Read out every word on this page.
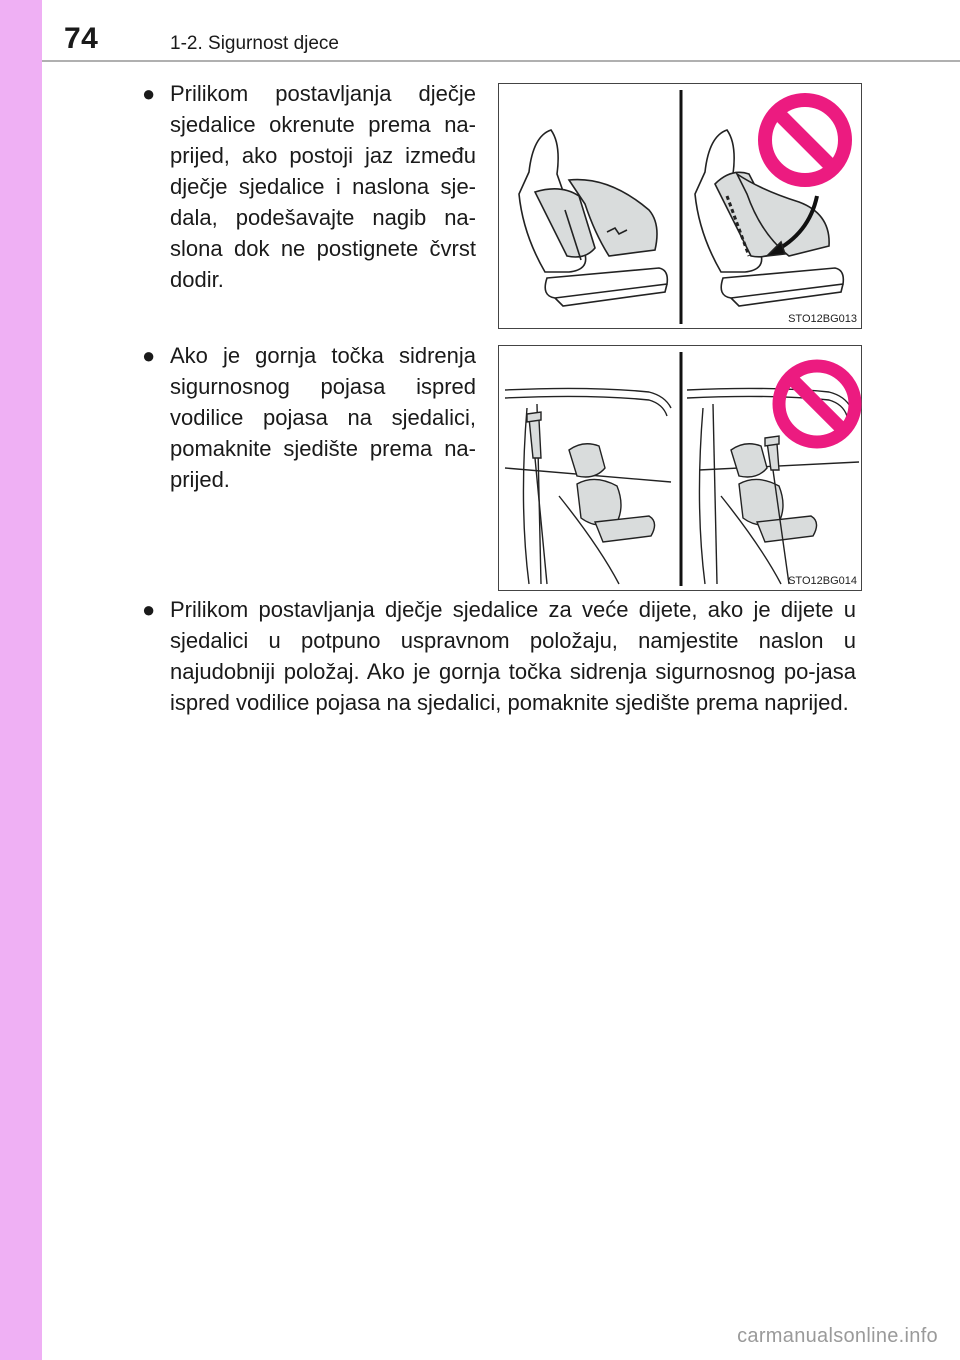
74	1-2. Sigurnost djece
● Prilikom postavljanja dječje sjedalice okrenute prema na-prijed, ako postoji jaz između dječje sjedalice i naslona sje-dala, podešavajte nagib na-slona dok ne postignete čvrst dodir.
STO12BG013
● Ako je gornja točka sidrenja sigurnosnog pojasa ispred vodilice pojasa na sjedalici, pomaknite sjedište prema na-prijed.
STO12BG014
● Prilikom postavljanja dječje sjedalice za veće dijete, ako je dijete u sjedalici u potpuno uspravnom položaju, namjestite naslon u najudobniji položaj. Ako je gornja točka sidrenja sigurnosnog po-jasa ispred vodilice pojasa na sjedalici, pomaknite sjedište prema naprijed.
carmanualsonline.info
